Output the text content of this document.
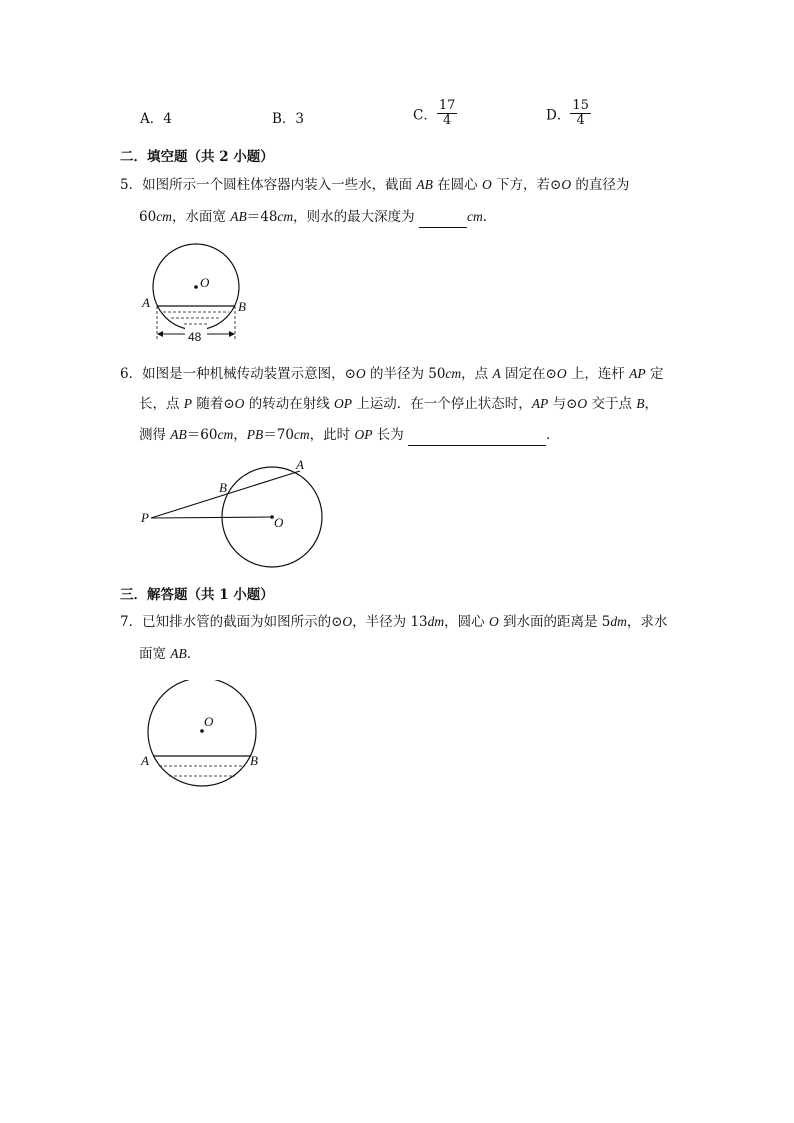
A．4	B．3	C． $\frac{17}{4}$	D． $\frac{15}{4}$
二．填空题（共 2 小题）
5．如图所示一个圆柱体容器内装入一些水，截面 AB 在圆心 O 下方，若⊙O 的直径为
60cm，水面宽 AB＝48cm，则水的最大深度为	cm．
O
A	B
48
6．如图是一种机械传动装置示意图，⊙O 的半径为 50cm，点 A 固定在⊙O 上，连杆 AP 定
长，点 P 随着⊙O 的转动在射线 OP 上运动．在一个停止状态时，AP 与⊙O 交于点 B，
测得 AB＝60cm，PB＝70cm，此时 OP 长为	．
A
B
P	O
三．解答题（共 1 小题）
7．已知排水管的截面为如图所示的⊙O，半径为 13dm，圆心 O 到水面的距离是 5dm，求水
面宽 AB．
O
A	B
